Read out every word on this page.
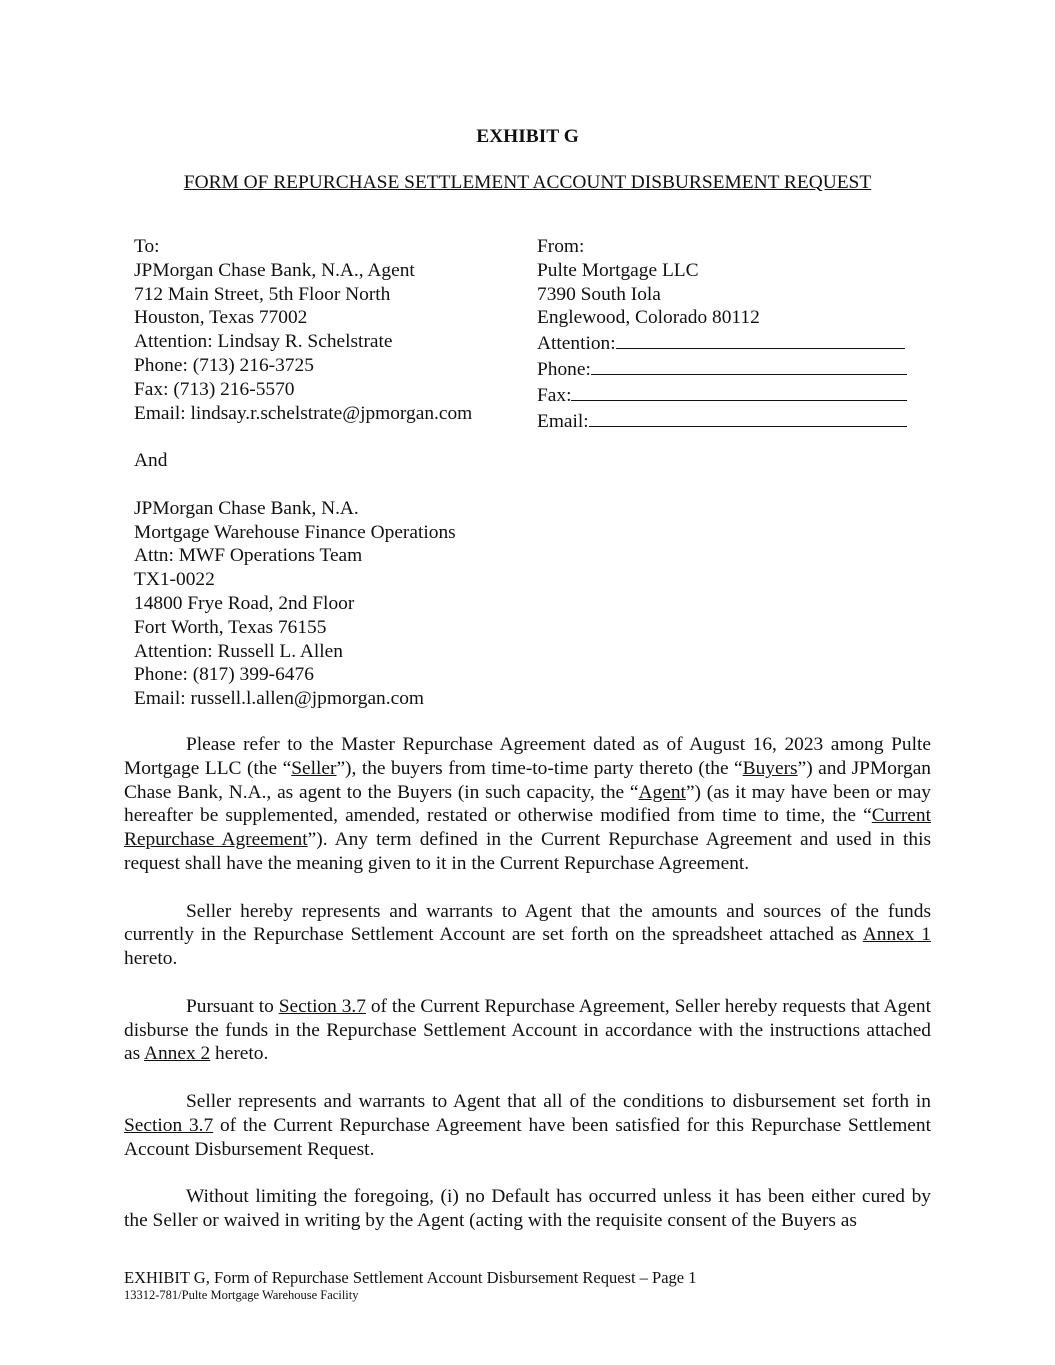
EXHIBIT G
FORM OF REPURCHASE SETTLEMENT ACCOUNT DISBURSEMENT REQUEST
To:
JPMorgan Chase Bank, N.A., Agent
712 Main Street, 5th Floor North
Houston, Texas 77002
Attention: Lindsay R. Schelstrate
Phone: (713) 216-3725
Fax: (713) 216-5570
Email: lindsay.r.schelstrate@jpmorgan.com

And

JPMorgan Chase Bank, N.A.
Mortgage Warehouse Finance Operations
Attn: MWF Operations Team
TX1-0022
14800 Frye Road, 2nd Floor
Fort Worth, Texas 76155
Attention: Russell L. Allen
Phone: (817) 399-6476
Email: russell.l.allen@jpmorgan.com
From:
Pulte Mortgage LLC
7390 South Iola
Englewood, Colorado 80112
Attention:
Phone:
Fax:
Email:

Please refer to the Master Repurchase Agreement dated as of August 16, 2023 among Pulte Mortgage LLC (the “Seller”), the buyers from time-to-time party thereto (the “Buyers”) and JPMorgan Chase Bank, N.A., as agent to the Buyers (in such capacity, the “Agent”) (as it may have been or may hereafter be supplemented, amended, restated or otherwise modified from time to time, the “Current Repurchase Agreement”). Any term defined in the Current Repurchase Agreement and used in this request shall have the meaning given to it in the Current Repurchase Agreement.

Seller hereby represents and warrants to Agent that the amounts and sources of the funds currently in the Repurchase Settlement Account are set forth on the spreadsheet attached as Annex 1 hereto.

Pursuant to Section 3.7 of the Current Repurchase Agreement, Seller hereby requests that Agent disburse the funds in the Repurchase Settlement Account in accordance with the instructions attached as Annex 2 hereto.

Seller represents and warrants to Agent that all of the conditions to disbursement set forth in Section 3.7 of the Current Repurchase Agreement have been satisfied for this Repurchase Settlement Account Disbursement Request.

Without limiting the foregoing, (i) no Default has occurred unless it has been either cured by the Seller or waived in writing by the Agent (acting with the requisite consent of the Buyers as

EXHIBIT G, Form of Repurchase Settlement Account Disbursement Request – Page 1
13312-781/Pulte Mortgage Warehouse Facility
